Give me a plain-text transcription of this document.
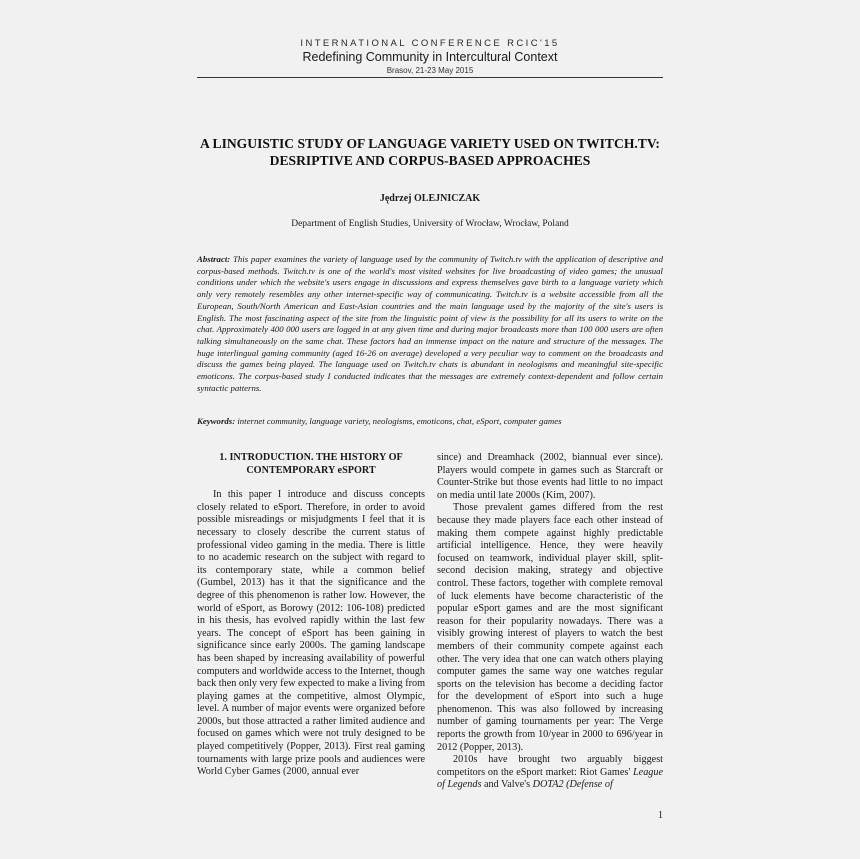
INTERNATIONAL CONFERENCE RCIC'15
Redefining Community in Intercultural Context
Brasov, 21-23 May 2015
A LINGUISTIC STUDY OF LANGUAGE VARIETY USED ON TWITCH.TV: DESRIPTIVE AND CORPUS-BASED APPROACHES
Jędrzej OLEJNICZAK
Department of English Studies, University of Wrocław, Wrocław, Poland
Abstract: This paper examines the variety of language used by the community of Twitch.tv with the application of descriptive and corpus-based methods. Twitch.tv is one of the world's most visited websites for live broadcasting of video games; the unusual conditions under which the website's users engage in discussions and express themselves gave birth to a language variety which only very remotely resembles any other internet-specific way of communicating. Twitch.tv is a website accessible from all the European, South/North American and East-Asian countries and the main language used by the majority of the site's users is English. The most fascinating aspect of the site from the linguistic point of view is the possibility for all its users to write on the chat. Approximately 400 000 users are logged in at any given time and during major broadcasts more than 100 000 users are often talking simultaneously on the same chat. These factors had an immense impact on the nature and structure of the messages. The huge interlingual gaming community (aged 16-26 on average) developed a very peculiar way to comment on the broadcasts and discuss the games being played. The language used on Twitch.tv chats is abundant in neologisms and meaningful site-specific emoticons. The corpus-based study I conducted indicates that the messages are extremely context-dependent and follow certain syntactic patterns.
Keywords: internet community, language variety, neologisms, emoticons, chat, eSport, computer games
1. INTRODUCTION. THE HISTORY OF CONTEMPORARY eSPORT

In this paper I introduce and discuss concepts closely related to eSport. Therefore, in order to avoid possible misreadings or misjudgments I feel that it is necessary to closely describe the current status of professional video gaming in the media. There is little to no academic research on the subject with regard to its contemporary state, while a common belief (Gumbel, 2013) has it that the significance and the degree of this phenomenon is rather low. However, the world of eSport, as Borowy (2012: 106-108) predicted in his thesis, has evolved rapidly within the last few years. The concept of eSport has been gaining in significance since early 2000s. The gaming landscape has been shaped by increasing availability of powerful computers and worldwide access to the Internet, though back then only very few expected to make a living from playing games at the competitive, almost Olympic, level. A number of major events were organized before 2000s, but those attracted a rather limited audience and focused on games which were not truly designed to be played competitively (Popper, 2013). First real gaming tournaments with large prize pools and audiences were World Cyber Games (2000, annual ever

since) and Dreamhack (2002, biannual ever since). Players would compete in games such as Starcraft or Counter-Strike but those events had little to no impact on media until late 2000s (Kim, 2007).

Those prevalent games differed from the rest because they made players face each other instead of making them compete against highly predictable artificial intelligence. Hence, they were heavily focused on teamwork, individual player skill, split-second decision making, strategy and objective control. These factors, together with complete removal of luck elements have become characteristic of the popular eSport games and are the most significant reason for their popularity nowadays. There was a visibly growing interest of players to watch the best members of their community compete against each other. The very idea that one can watch others playing computer games the same way one watches regular sports on the television has become a deciding factor for the development of eSport into such a huge phenomenon. This was also followed by increasing number of gaming tournaments per year: The Verge reports the growth from 10/year in 2000 to 696/year in 2012 (Popper, 2013).

2010s have brought two arguably biggest competitors on the eSport market: Riot Games' League of Legends and Valve's DOTA2 (Defense of

1
